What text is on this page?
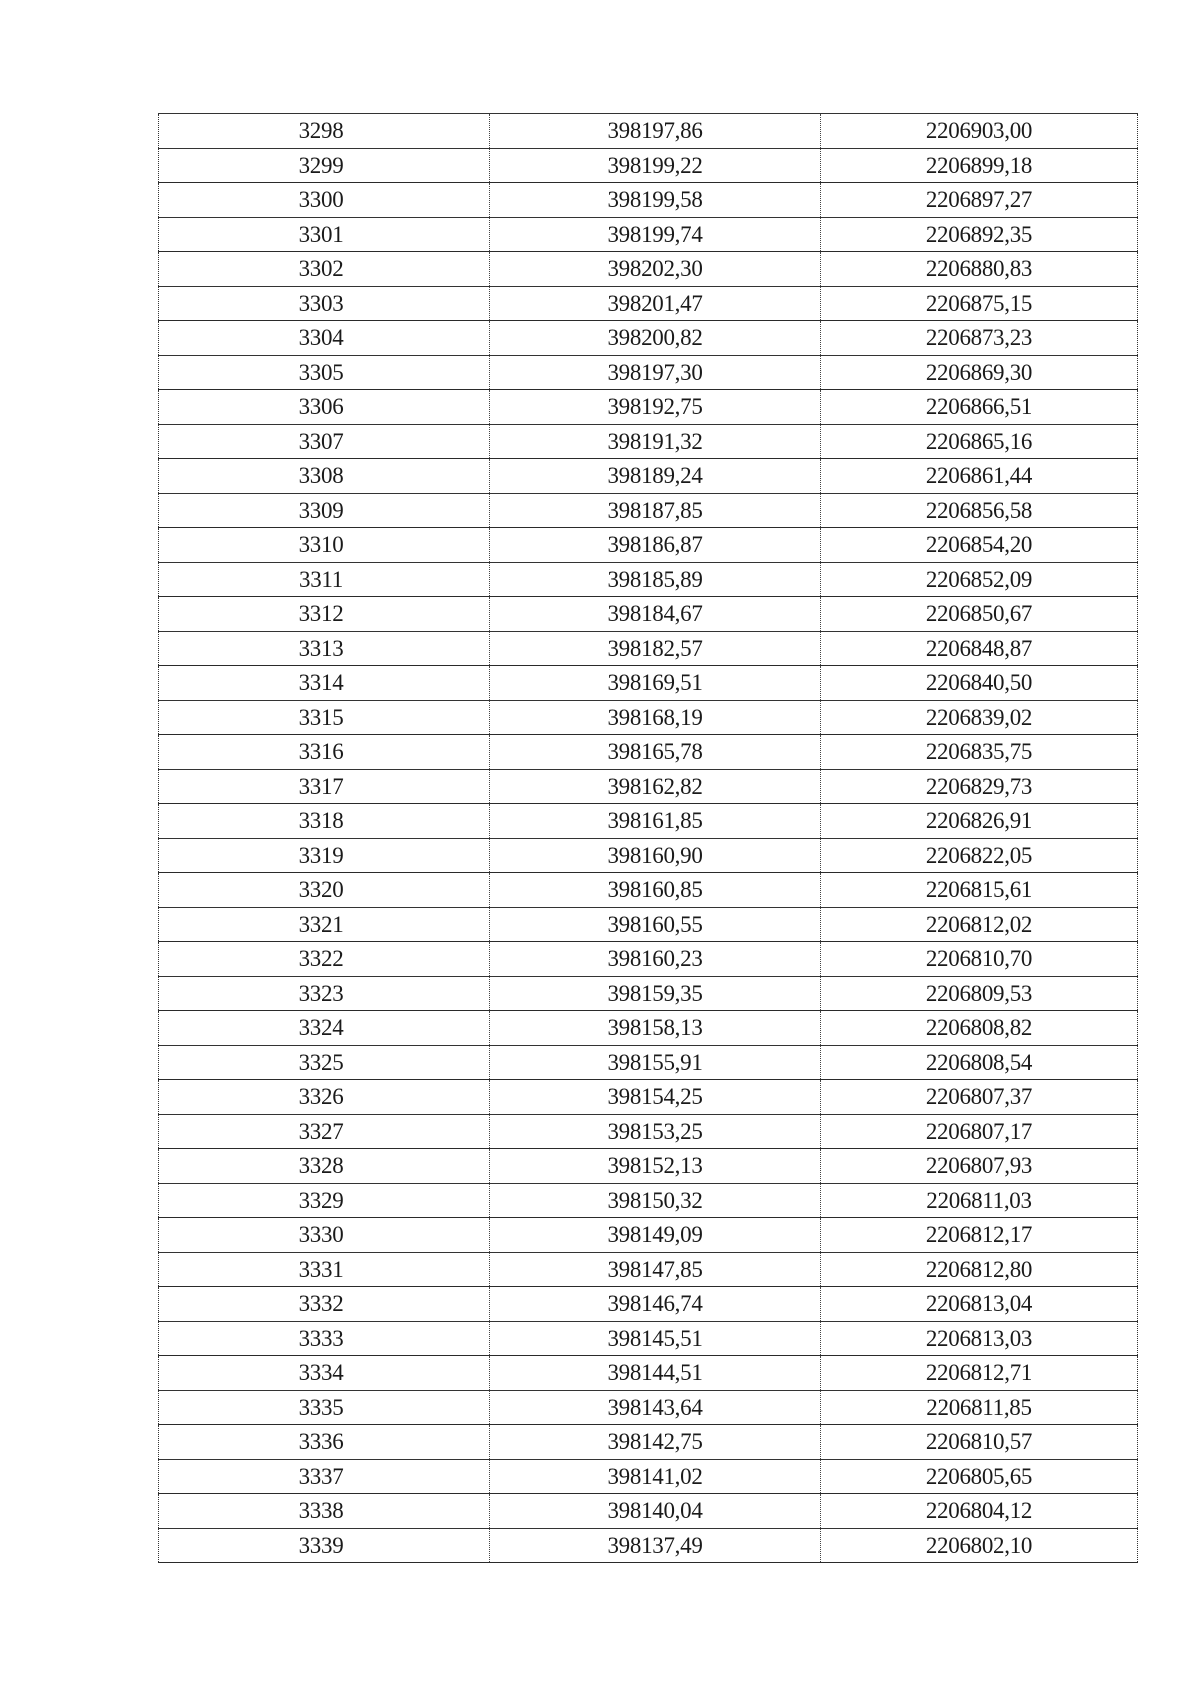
3298	398197,86	2206903,00
3299	398199,22	2206899,18
3300	398199,58	2206897,27
3301	398199,74	2206892,35
3302	398202,30	2206880,83
3303	398201,47	2206875,15
3304	398200,82	2206873,23
3305	398197,30	2206869,30
3306	398192,75	2206866,51
3307	398191,32	2206865,16
3308	398189,24	2206861,44
3309	398187,85	2206856,58
3310	398186,87	2206854,20
3311	398185,89	2206852,09
3312	398184,67	2206850,67
3313	398182,57	2206848,87
3314	398169,51	2206840,50
3315	398168,19	2206839,02
3316	398165,78	2206835,75
3317	398162,82	2206829,73
3318	398161,85	2206826,91
3319	398160,90	2206822,05
3320	398160,85	2206815,61
3321	398160,55	2206812,02
3322	398160,23	2206810,70
3323	398159,35	2206809,53
3324	398158,13	2206808,82
3325	398155,91	2206808,54
3326	398154,25	2206807,37
3327	398153,25	2206807,17
3328	398152,13	2206807,93
3329	398150,32	2206811,03
3330	398149,09	2206812,17
3331	398147,85	2206812,80
3332	398146,74	2206813,04
3333	398145,51	2206813,03
3334	398144,51	2206812,71
3335	398143,64	2206811,85
3336	398142,75	2206810,57
3337	398141,02	2206805,65
3338	398140,04	2206804,12
3339	398137,49	2206802,10
